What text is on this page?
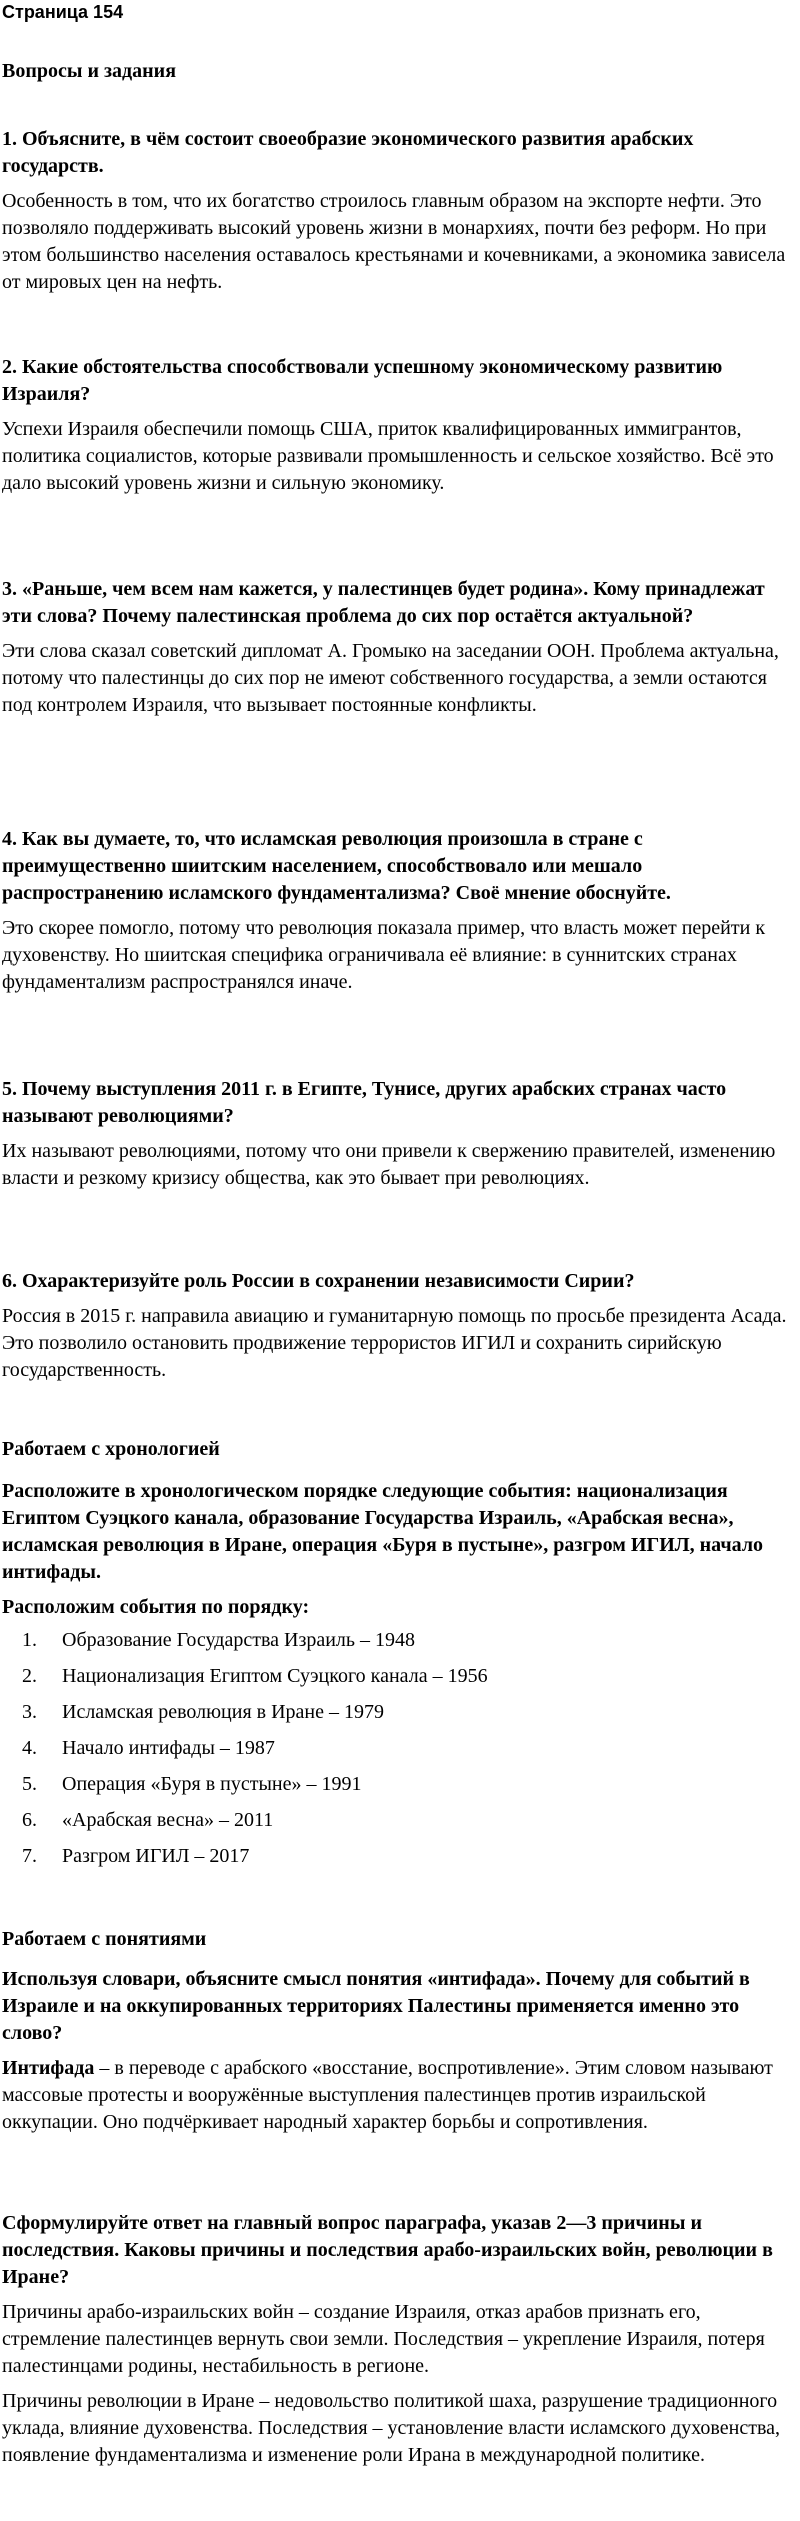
Страница 154
Вопросы и задания

1. Объясните, в чём состоит своеобразие экономического развития арабских государств.

Особенность в том, что их богатство строилось главным образом на экспорте нефти. Это позволяло поддерживать высокий уровень жизни в монархиях, почти без реформ. Но при этом большинство населения оставалось крестьянами и кочевниками, а экономика зависела от мировых цен на нефть.

2. Какие обстоятельства способствовали успешному экономическому развитию Израиля?

Успехи Израиля обеспечили помощь США, приток квалифицированных иммигрантов, политика социалистов, которые развивали промышленность и сельское хозяйство. Всё это дало высокий уровень жизни и сильную экономику.

3. «Раньше, чем всем нам кажется, у палестинцев будет родина». Кому принадлежат эти слова? Почему палестинская проблема до сих пор остаётся актуальной?

Эти слова сказал советский дипломат А. Громыко на заседании ООН. Проблема актуальна, потому что палестинцы до сих пор не имеют собственного государства, а земли остаются под контролем Израиля, что вызывает постоянные конфликты.

4. Как вы думаете, то, что исламская революция произошла в стране с преимущественно шиитским населением, способствовало или мешало распространению исламского фундаментализма? Своё мнение обоснуйте.

Это скорее помогло, потому что революция показала пример, что власть может перейти к духовенству. Но шиитская специфика ограничивала её влияние: в суннитских странах фундаментализм распространялся иначе.

5. Почему выступления 2011 г. в Египте, Тунисе, других арабских странах часто называют революциями?

Их называют революциями, потому что они привели к свержению правителей, изменению власти и резкому кризису общества, как это бывает при революциях.

6. Охарактеризуйте роль России в сохранении независимости Сирии?

Россия в 2015 г. направила авиацию и гуманитарную помощь по просьбе президента Асада. Это позволило остановить продвижение террористов ИГИЛ и сохранить сирийскую государственность.

Работаем с хронологией

Расположите в хронологическом порядке следующие события: национализация Египтом Суэцкого канала, образование Государства Израиль, «Арабская весна», исламская революция в Иране, операция «Буря в пустыне», разгром ИГИЛ, начало интифады.

Расположим события по порядку:

1.	Образование Государства Израиль – 1948
2.	Национализация Египтом Суэцкого канала – 1956
3.	Исламская революция в Иране – 1979
4.	Начало интифады – 1987
5.	Операция «Буря в пустыне» – 1991
6.	«Арабская весна» – 2011
7.	Разгром ИГИЛ – 2017
Работаем с понятиями

Используя словари, объясните смысл понятия «интифада». Почему для событий в Израиле и на оккупированных территориях Палестины применяется именно это слово?

Интифада – в переводе с арабского «восстание, воспротивление». Этим словом называют массовые протесты и вооружённые выступления палестинцев против израильской оккупации. Оно подчёркивает народный характер борьбы и сопротивления.

Сформулируйте ответ на главный вопрос параграфа, указав 2—3 причины и последствия. Каковы причины и последствия арабо-израильских войн, революции в Иране?

Причины арабо-израильских войн – создание Израиля, отказ арабов признать его, стремление палестинцев вернуть свои земли. Последствия – укрепление Израиля, потеря палестинцами родины, нестабильность в регионе.

Причины революции в Иране – недовольство политикой шаха, разрушение традиционного уклада, влияние духовенства. Последствия – установление власти исламского духовенства, появление фундаментализма и изменение роли Ирана в международной политике.
